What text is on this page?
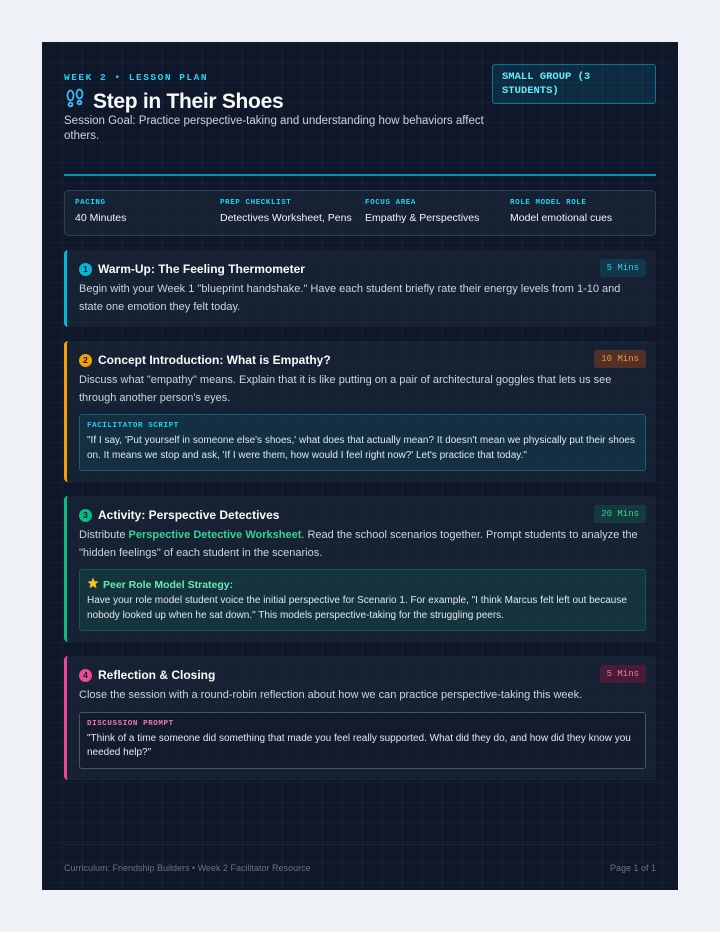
WEEK 2 • LESSON PLAN
Step in Their Shoes
Session Goal: Practice perspective-taking and understanding how behaviors affect others.
SMALL GROUP (3 STUDENTS)
PACING
40 Minutes
PREP CHECKLIST
Detectives Worksheet, Pens
FOCUS AREA
Empathy & Perspectives
ROLE MODEL ROLE
Model emotional cues
1 Warm-Up: The Feeling Thermometer	5 Mins
Begin with your Week 1 "blueprint handshake." Have each student briefly rate their energy levels from 1-10 and state one emotion they felt today.
2 Concept Introduction: What is Empathy?	10 Mins
Discuss what "empathy" means. Explain that it is like putting on a pair of architectural goggles that lets us see through another person's eyes.
FACILITATOR SCRIPT
"If I say, 'Put yourself in someone else's shoes,' what does that actually mean? It doesn't mean we physically put their shoes on. It means we stop and ask, 'If I were them, how would I feel right now?' Let's practice that today."
3 Activity: Perspective Detectives	20 Mins
Distribute Perspective Detective Worksheet. Read the school scenarios together. Prompt students to analyze the "hidden feelings" of each student in the scenarios.
Peer Role Model Strategy:
Have your role model student voice the initial perspective for Scenario 1. For example, "I think Marcus felt left out because nobody looked up when he sat down." This models perspective-taking for the struggling peers.
4 Reflection & Closing	5 Mins
Close the session with a round-robin reflection about how we can practice perspective-taking this week.
DISCUSSION PROMPT
"Think of a time someone did something that made you feel really supported. What did they do, and how did they know you needed help?"
Curriculum: Friendship Builders • Week 2 Facilitator Resource	Page 1 of 1
